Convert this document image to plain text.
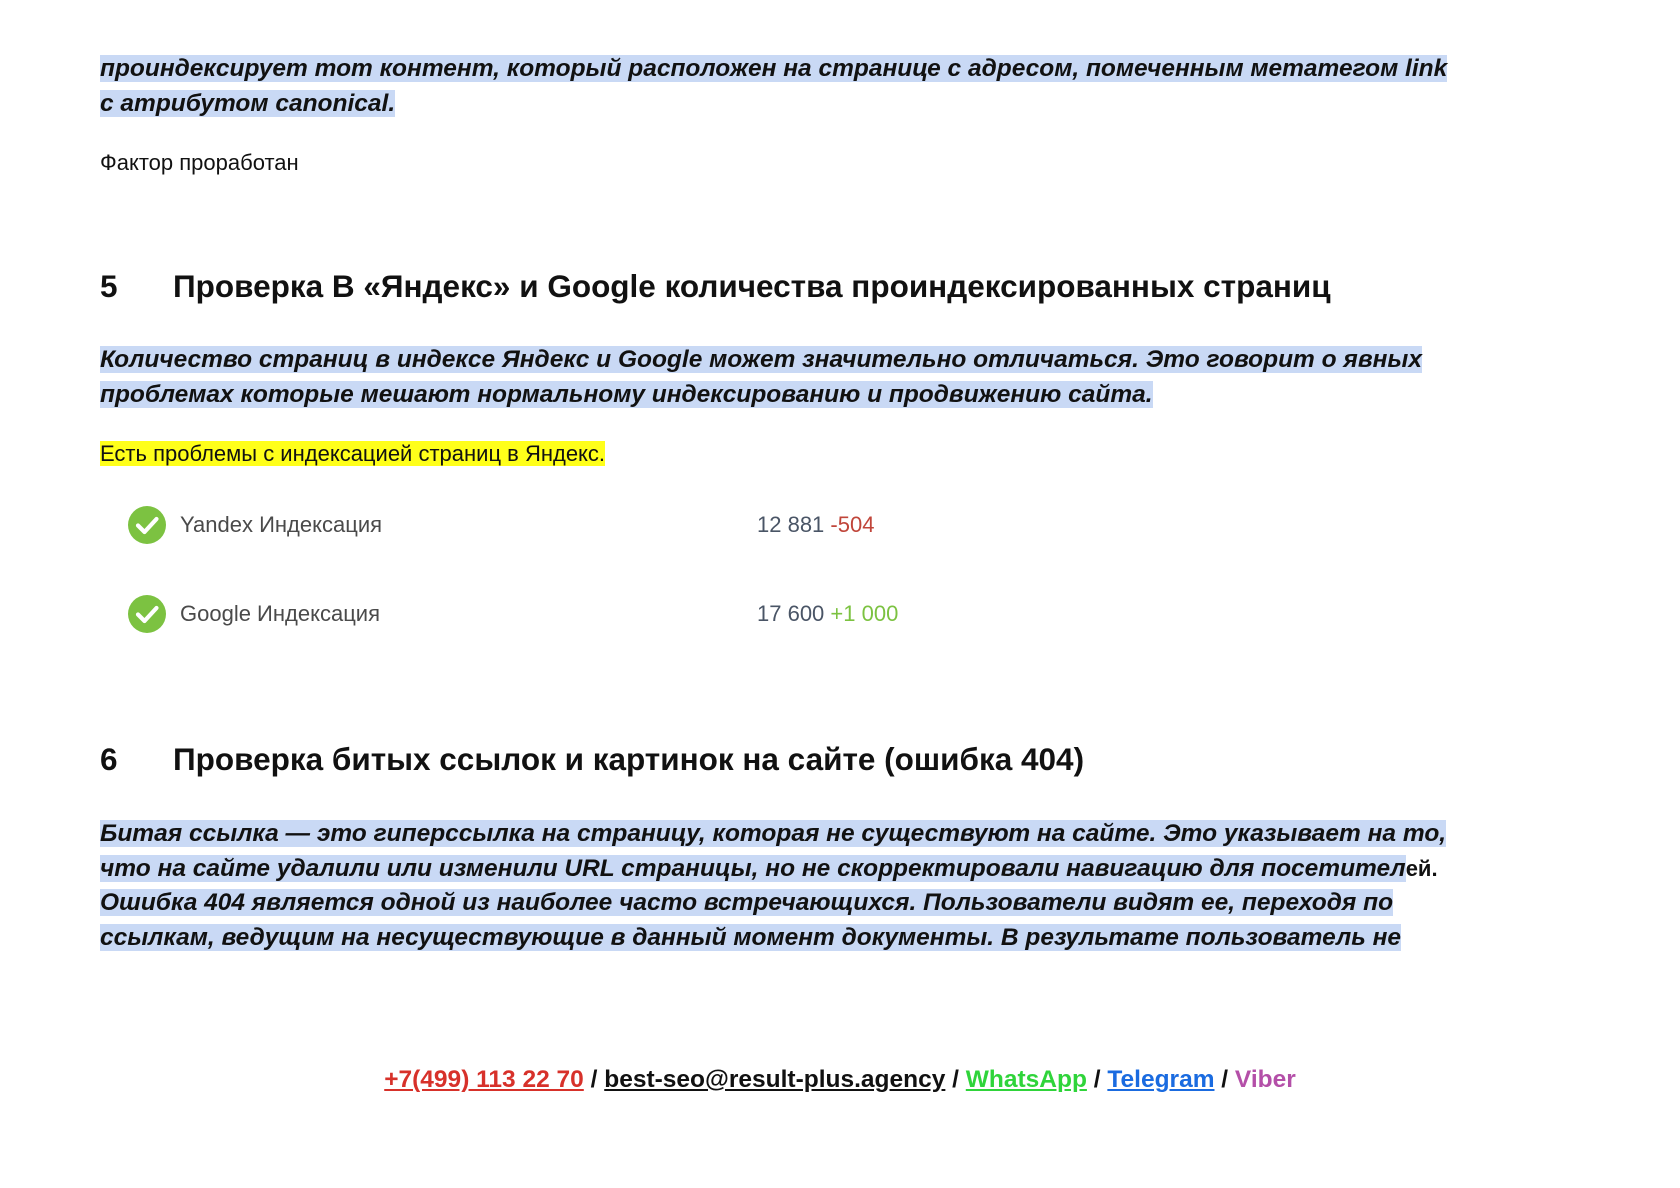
проиндексирует тот контент, который расположен на странице с адресом, помеченным метатегом link
с атрибутом canonical.

Фактор проработан

5	Проверка В «Яндекс» и Google количества проиндексированных страниц

Количество страниц в индексе Яндекс и Google может значительно отличаться. Это говорит о явных
проблемах которые мешают нормальному индексированию и продвижению сайта.

Есть проблемы с индексацией страниц в Яндекс.

Yandex Индексация	12 881 -504
Google Индексация	17 600 +1 000
6	Проверка битых ссылок и картинок на сайте (ошибка 404)

Битая ссылка — это гиперссылка на страницу, которая не существуют на сайте. Это указывает на то,
что на сайте удалили или изменили URL страницы, но не скорректировали навигацию для посетителей.
Ошибка 404 является одной из наиболее часто встречающихся. Пользователи видят ее, переходя по
ссылкам, ведущим на несуществующие в данный момент документы. В результате пользователь не

+7(499) 113 22 70 / best-seo@result-plus.agency / WhatsApp / Telegram / Viber
